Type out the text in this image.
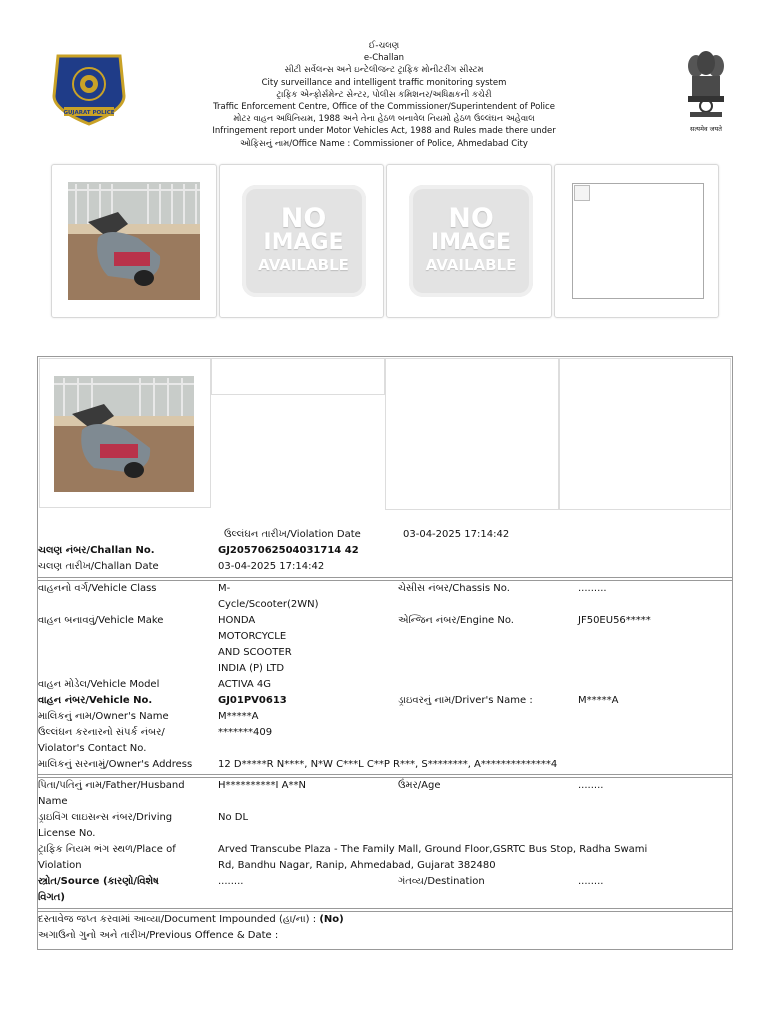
ઈ-ચલણ
e-Challan
સીટી સર્વેલન્સ અને ઇન્ટેલીજન્ટ ટ્રાફિક મોનીટરીંગ સીસ્ટમ
City surveillance and intelligent traffic monitoring system
ટ્રાફિક એન્ફોર્સમેન્ટ સેન્ટર, પોલીસ કમિશનર/અધિક્ષકની કચેરી
Traffic Enforcement Centre, Office of the Commissioner/Superintendent of Police
મોટર વાહન અધિનિયમ, 1988 અને તેના હેઠળ બનાવેલ નિયમો હેઠળ ઉલ્લંઘન અહેવાલ
Infringement report under Motor Vehicles Act, 1988 and Rules made there under
ઓફિસનું નામ/Office Name : Commissioner of Police, Ahmedabad City
GUJARAT POLICE
सत्यमेव जयते
NO
IMAGE
AVAILABLE
NO
IMAGE
AVAILABLE
ઉલ્લંઘન તારીખ/Violation Date	03-04-2025 17:14:42
ચલણ નંબર/Challan No.	GJ2057062504031714 42
ચલણ તારીખ/Challan Date	03-04-2025 17:14:42
વાહનનો વર્ગ/Vehicle Class	M-
Cycle/Scooter(2WN)
ચેસીસ નંબર/Chassis No.	.........
વાહન બનાવવું/Vehicle Make	HONDA
MOTORCYCLE
AND SCOOTER
INDIA (P) LTD
એન્જિન નંબર/Engine No.	JF50EU56*****
વાહન મોડેલ/Vehicle Model	ACTIVA 4G
વાહન નંબર/Vehicle No.	GJ01PV0613	ડ્રાઇવરનું નામ/Driver's Name :	M*****A
માલિકનું નામ/Owner's Name	M*****A
ઉલ્લંઘન કરનારનો સંપર્ક નંબર/
Violator's Contact No.
*******409
માલિકનું સરનામું/Owner's Address	12 D*****R N****, N*W C***L C**P R***, S********, A**************4
પિતા/પતિનું નામ/Father/Husband
Name
H**********I A**N	ઉંમર/Age	........
ડ્રાઇવિંગ લાઇસન્સ નંબર/Driving
License No.
No DL
ટ્રાફિક નિયમ ભંગ સ્થળ/Place of
Violation
Arved Transcube Plaza - The Family Mall, Ground Floor,GSRTC Bus Stop, Radha Swami
Rd, Bandhu Nagar, Ranip, Ahmedabad, Gujarat 382480
સ્ત્રોત/Source (કારણો/વિશેષ
વિગત)
........	ગંતવ્ય/Destination	........
દસ્તાવેજ જપ્ત કરવામાં આવ્યા/Document Impounded (હા/ના) : (No)
અગાઉનો ગુનો અને તારીખ/Previous Offence & Date :
